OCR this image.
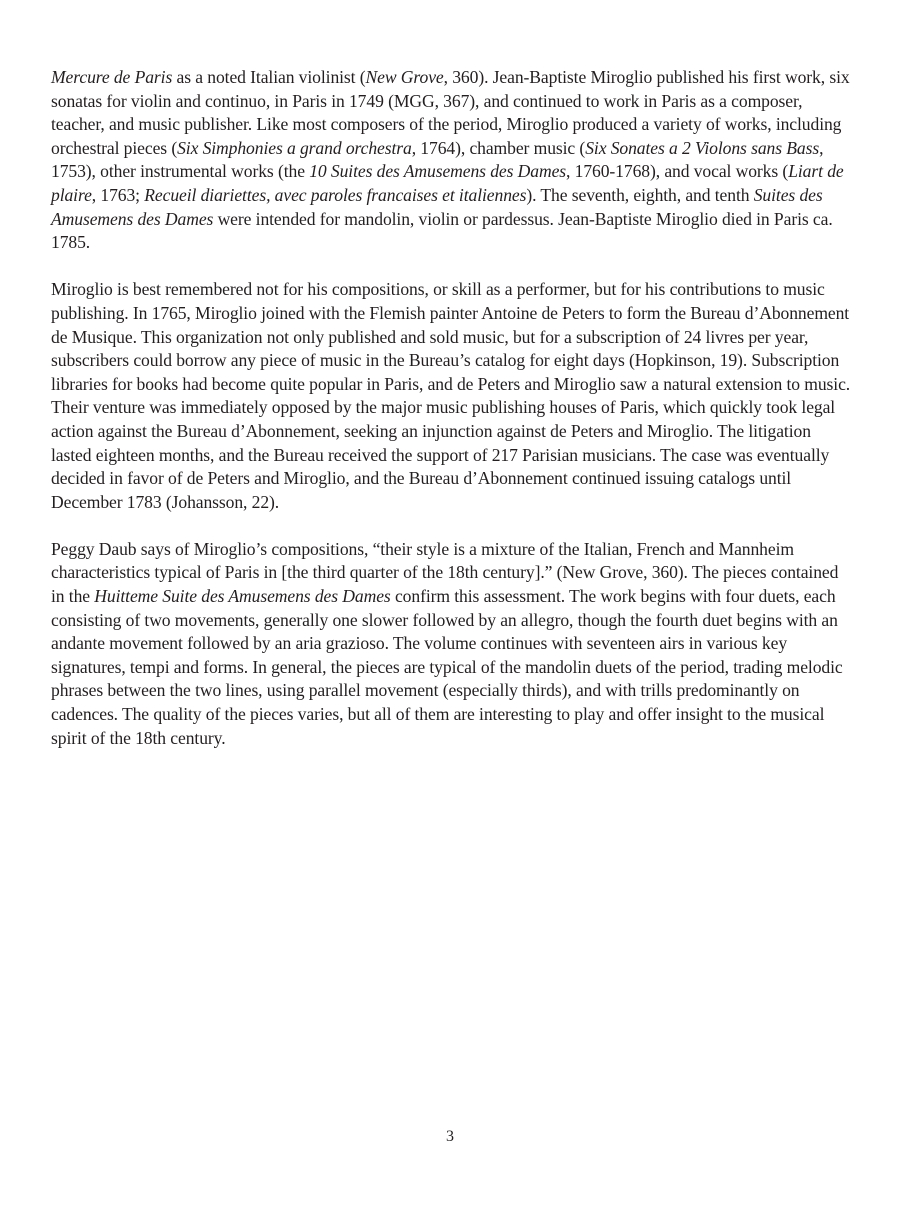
Mercure de Paris as a noted Italian violinist (New Grove, 360). Jean-Baptiste Miroglio published his first work, six sonatas for violin and continuo, in Paris in 1749 (MGG, 367), and continued to work in Paris as a composer, teacher, and music publisher. Like most composers of the period, Miroglio produced a variety of works, including orchestral pieces (Six Simphonies a grand orchestra, 1764), chamber music (Six Sonates a 2 Violons sans Bass, 1753), other instrumental works (the 10 Suites des Amusemens des Dames, 1760-1768), and vocal works (Liart de plaire, 1763; Recueil diariettes, avec paroles francaises et italiennes). The seventh, eighth, and tenth Suites des Amusemens des Dames were intended for mandolin, violin or pardessus. Jean-Baptiste Miroglio died in Paris ca. 1785.

Miroglio is best remembered not for his compositions, or skill as a performer, but for his contributions to music publishing. In 1765, Miroglio joined with the Flemish painter Antoine de Peters to form the Bureau d’Abonnement de Musique. This organization not only published and sold music, but for a subscription of 24 livres per year, subscribers could borrow any piece of music in the Bureau’s catalog for eight days (Hopkinson, 19). Subscription libraries for books had become quite popular in Paris, and de Peters and Miroglio saw a natural extension to music. Their venture was immediately opposed by the major music publishing houses of Paris, which quickly took legal action against the Bureau d’Abonnement, seeking an injunction against de Peters and Miroglio. The litigation lasted eighteen months, and the Bureau received the support of 217 Parisian musicians. The case was eventually decided in favor of de Peters and Miroglio, and the Bureau d’Abonnement continued issuing catalogs until December 1783 (Johansson, 22).

Peggy Daub says of Miroglio’s compositions, “their style is a mixture of the Italian, French and Mannheim characteristics typical of Paris in [the third quarter of the 18th century].” (New Grove, 360). The pieces contained in the Huitteme Suite des Amusemens des Dames confirm this assessment. The work begins with four duets, each consisting of two movements, generally one slower followed by an allegro, though the fourth duet begins with an andante movement followed by an aria grazioso. The volume continues with seventeen airs in various key signatures, tempi and forms. In general, the pieces are typical of the mandolin duets of the period, trading melodic phrases between the two lines, using parallel movement (especially thirds), and with trills predominantly on cadences. The quality of the pieces varies, but all of them are interesting to play and offer insight to the musical spirit of the 18th century.

3
